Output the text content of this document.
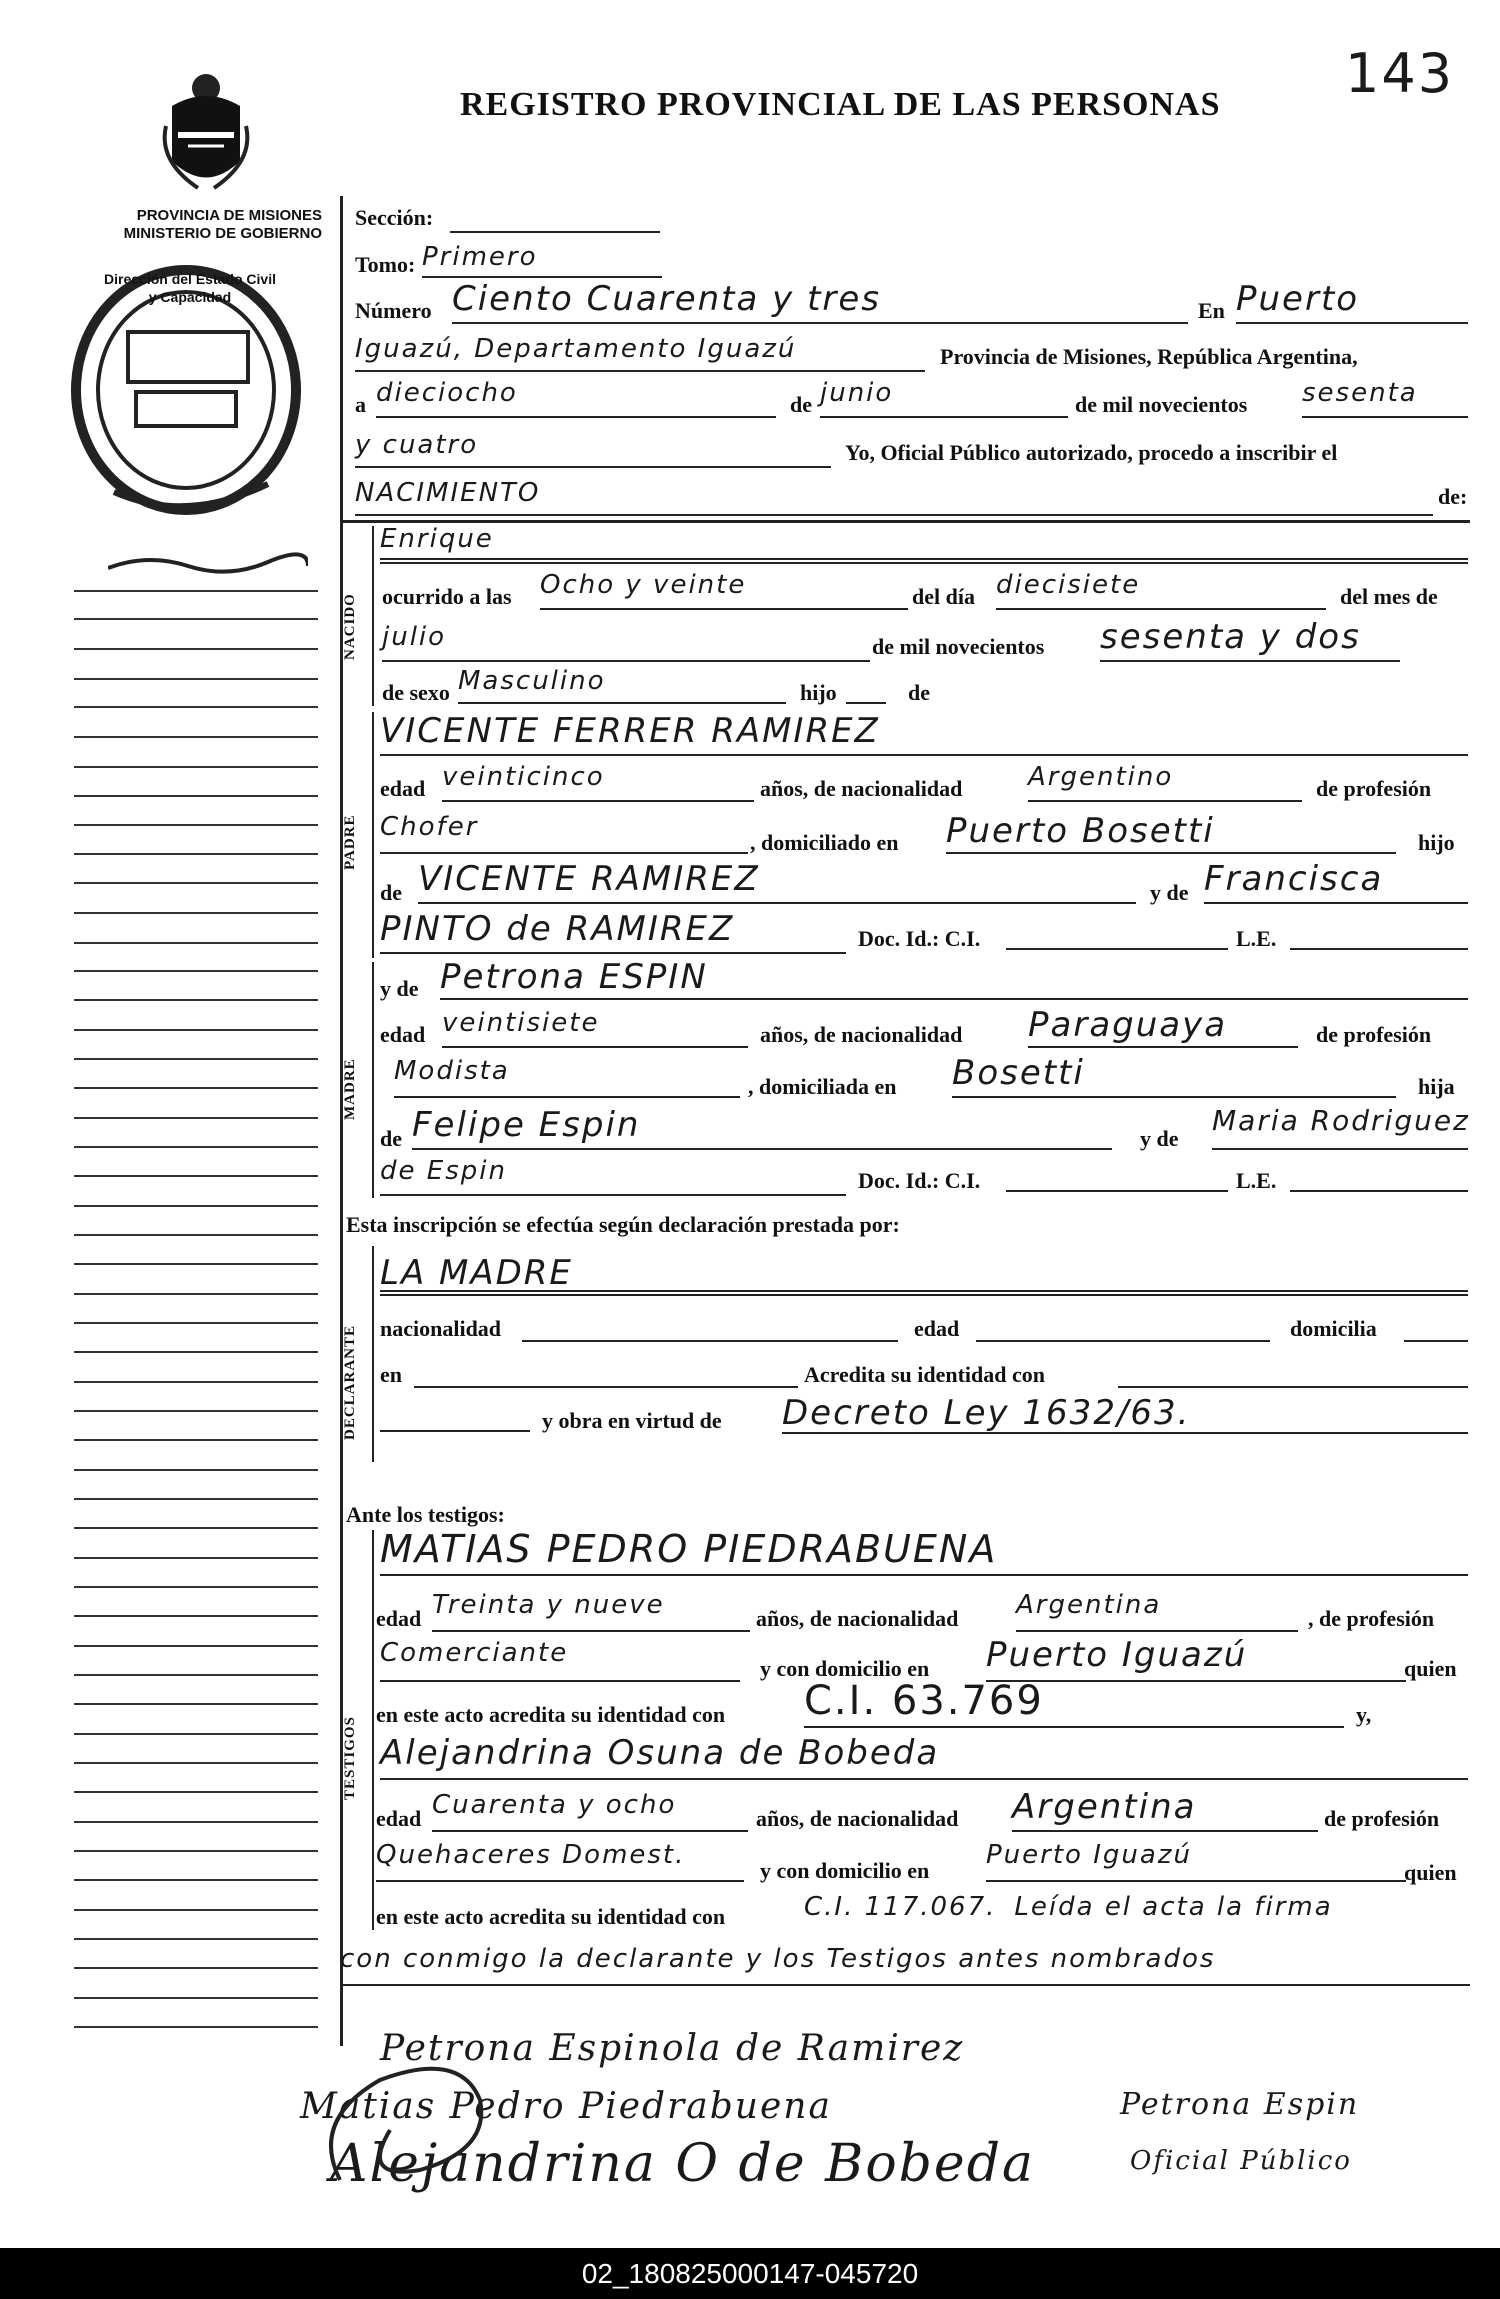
REGISTRO PROVINCIAL DE LAS PERSONAS 143
PROVINCIA DE MISIONES
MINISTERIO DE GOBIERNO
Dirección del Estado Civil
y Capacidad
Sección:
Tomo: Primero
Número Ciento Cuarenta y tres	En Puerto
Iguazú, Departamento Iguazú	Provincia de Misiones, República Argentina,
a dieciocho	de junio	de mil novecientos sesenta
y cuatro	Yo, Oficial Público autorizado, procedo a inscribir el
NACIMIENTO	de:
NACIDO
Enrique
ocurrido a las Ocho y veinte	del día diecisiete	del mes de
julio	de mil novecientos sesenta y dos
de sexo Masculino	hijo	de
PADRE
VICENTE FERRER RAMIREZ
edad veinticinco	años, de nacionalidad	Argentino	de profesión
Chofer
, domiciliado en Puerto Bosetti	hijo
de VICENTE RAMIREZ	y de Francisca
PINTO de RAMIREZ	Doc. Id.: C.I.	L.E.
MADRE
y de Petrona ESPIN
edad veintisiete	años, de nacionalidad Paraguaya	de profesión
Modista
, domiciliada en Bosetti	hija
de Felipe Espin	y de
Maria Rodriguez
de Espin	Doc. Id.: C.I.	L.E.
Esta inscripción se efectúa según declaración prestada por:
DECLARANTE
LA MADRE
nacionalidad	edad	domicilia
en	Acredita su identidad con
y obra en virtud de Decreto Ley 1632/63.
Ante los testigos:
TESTIGOS
MATIAS PEDRO PIEDRABUENA
edad Treinta y nueve	años, de nacionalidad Argentina	, de profesión
Comerciante
y con domicilio en Puerto Iguazú	quien
en este acto acredita su identidad con C.I. 63.769	y,
Alejandrina Osuna de Bobeda
edad Cuarenta y ocho	años, de nacionalidad Argentina	de profesión
Quehaceres Domest.
y con domicilio en
Puerto Iguazú
quien
en este acto acredita su identidad con	C.I. 117.067. Leída el acta la firma
con conmigo la declarante y los Testigos antes nombrados
Petrona Espinola de Ramirez
Matias Pedro Piedrabuena
Alejandrina O de Bobeda
Petrona Espin
Oficial Público
02_180825000147-045720
